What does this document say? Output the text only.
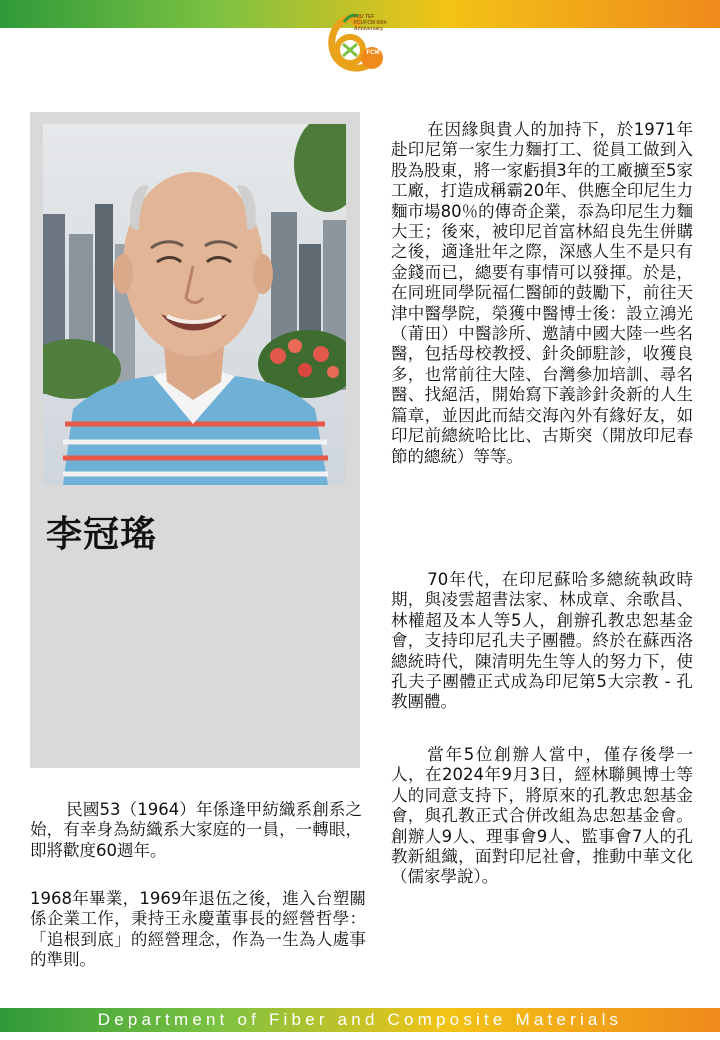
FCM
FJU TEF
FCUFCM 60th
Anniversary
李冠瑤

在因緣與貴人的加持下，於1971年赴印尼第一家生力麵打工、從員工做到入股為股東，將一家虧損3年的工廠擴至5家工廠，打造成稱霸20年、供應全印尼生力麵市場80％的傳奇企業，忝為印尼生力麵大王；後來，被印尼首富林紹良先生併購之後，適逢壯年之際，深感人生不是只有金錢而已，總要有事情可以發揮。於是，在同班同學阮福仁醫師的鼓勵下，前往天津中醫學院，榮獲中醫博士後：設立鴻光（莆田）中醫診所、邀請中國大陸一些名醫，包括母校教授、針灸師駐診，收獲良多，也常前往大陸、台灣參加培訓、尋名醫、找絕活，開始寫下義診針灸新的人生篇章，並因此而結交海內外有緣好友，如印尼前總統哈比比、古斯突（開放印尼春節的總統）等等。

70年代，在印尼蘇哈多總統執政時期，與凌雲超書法家、林成章、余歌昌、林權超及本人等5人，創辦孔教忠恕基金會，支持印尼孔夫子團體。終於在蘇西洛總統時代，陳清明先生等人的努力下，使孔夫子團體正式成為印尼第5大宗教 - 孔教團體。

當年5位創辦人當中，僅存後學一人，在2024年9月3日，經林聯興博士等人的同意支持下，將原來的孔教忠恕基金會，與孔教正式合併改組為忠恕基金會。創辦人9人、理事會9人、監事會7人的孔教新組織，面對印尼社會，推動中華文化（儒家學說）。

民國53（1964）年係逢甲紡織系創系之始，有幸身為紡織系大家庭的一員，一轉眼，即將歡度60週年。

1968年畢業，1969年退伍之後，進入台塑關係企業工作，秉持王永慶董事長的經營哲學：「追根到底」的經營理念，作為一生為人處事的準則。

Department of Fiber and Composite Materials
